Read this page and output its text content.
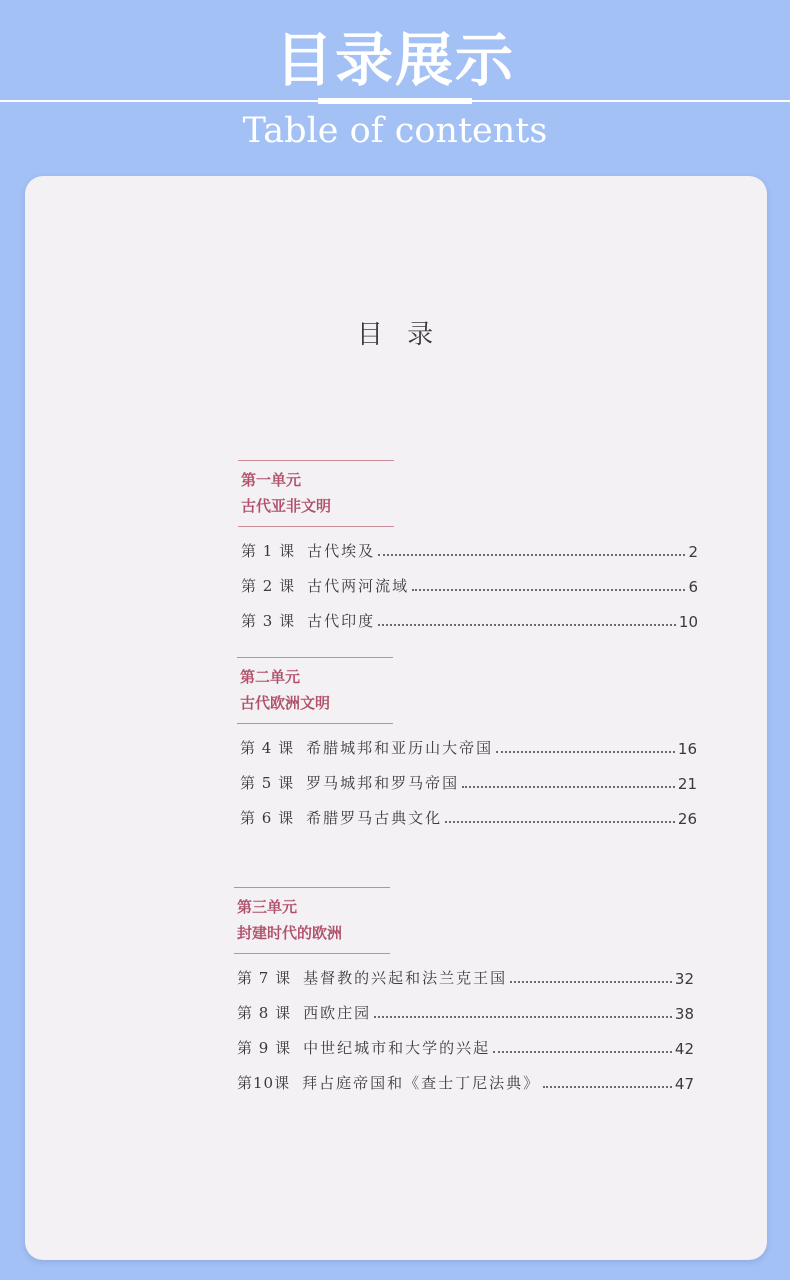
目录展示
Table of contents
目 录
第一单元
古代亚非文明
第 1 课 古代埃及	2
第 2 课 古代两河流域	6
第 3 课 古代印度	10
第二单元
古代欧洲文明
第 4 课 希腊城邦和亚历山大帝国	16
第 5 课 罗马城邦和罗马帝国	21
第 6 课 希腊罗马古典文化	26
第三单元
封建时代的欧洲
第 7 课 基督教的兴起和法兰克王国	32
第 8 课 西欧庄园	38
第 9 课 中世纪城市和大学的兴起	42
第10课 拜占庭帝国和《查士丁尼法典》	47
